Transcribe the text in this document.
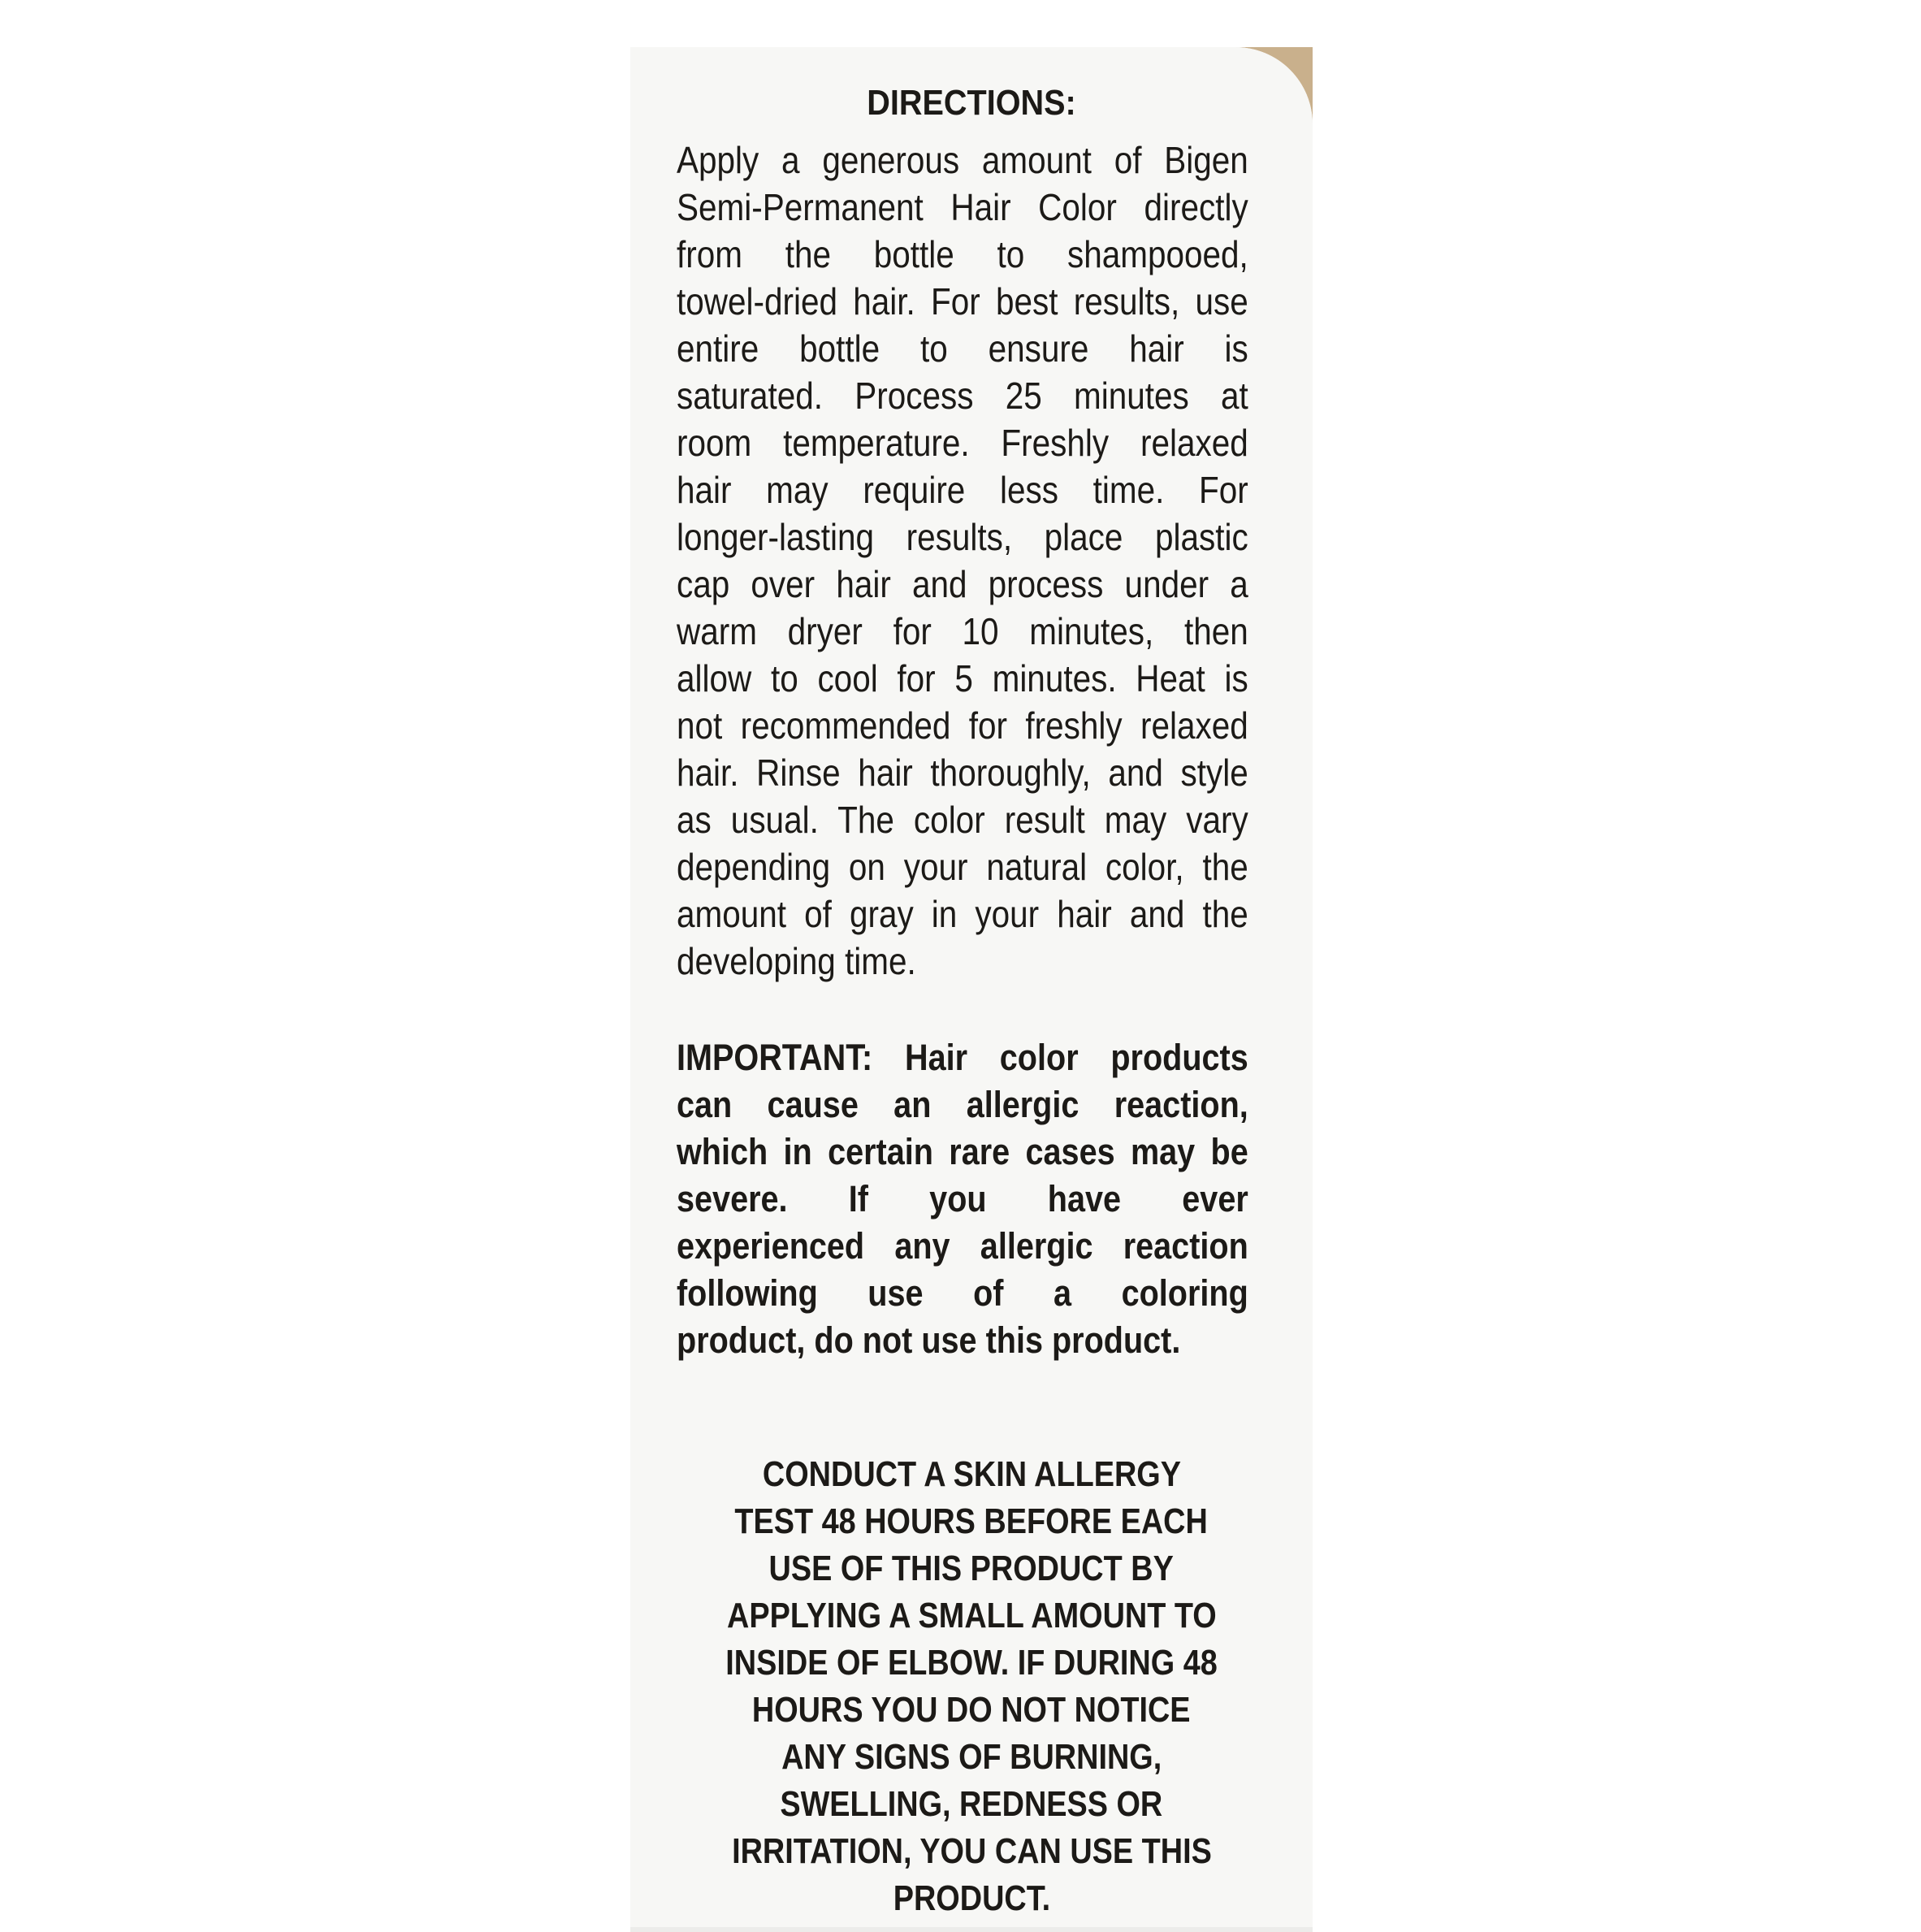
DIRECTIONS:
Apply a generous amount of Bigen
Semi-Permanent Hair Color directly
from the bottle to shampooed,
towel-dried hair. For best results, use
entire bottle to ensure hair is
saturated. Process 25 minutes at
room temperature. Freshly relaxed
hair may require less time. For
longer-lasting results, place plastic
cap over hair and process under a
warm dryer for 10 minutes, then
allow to cool for 5 minutes. Heat is
not recommended for freshly relaxed
hair. Rinse hair thoroughly, and style
as usual. The color result may vary
depending on your natural color, the
amount of gray in your hair and the
developing time.
IMPORTANT: Hair color products
can cause an allergic reaction,
which in certain rare cases may be
severe. If you have ever
experienced any allergic reaction
following use of a coloring
product, do not use this product.
CONDUCT A SKIN ALLERGY
TEST 48 HOURS BEFORE EACH
USE OF THIS PRODUCT BY
APPLYING A SMALL AMOUNT TO
INSIDE OF ELBOW. IF DURING 48
HOURS YOU DO NOT NOTICE
ANY SIGNS OF BURNING,
SWELLING, REDNESS OR
IRRITATION, YOU CAN USE THIS
PRODUCT.
